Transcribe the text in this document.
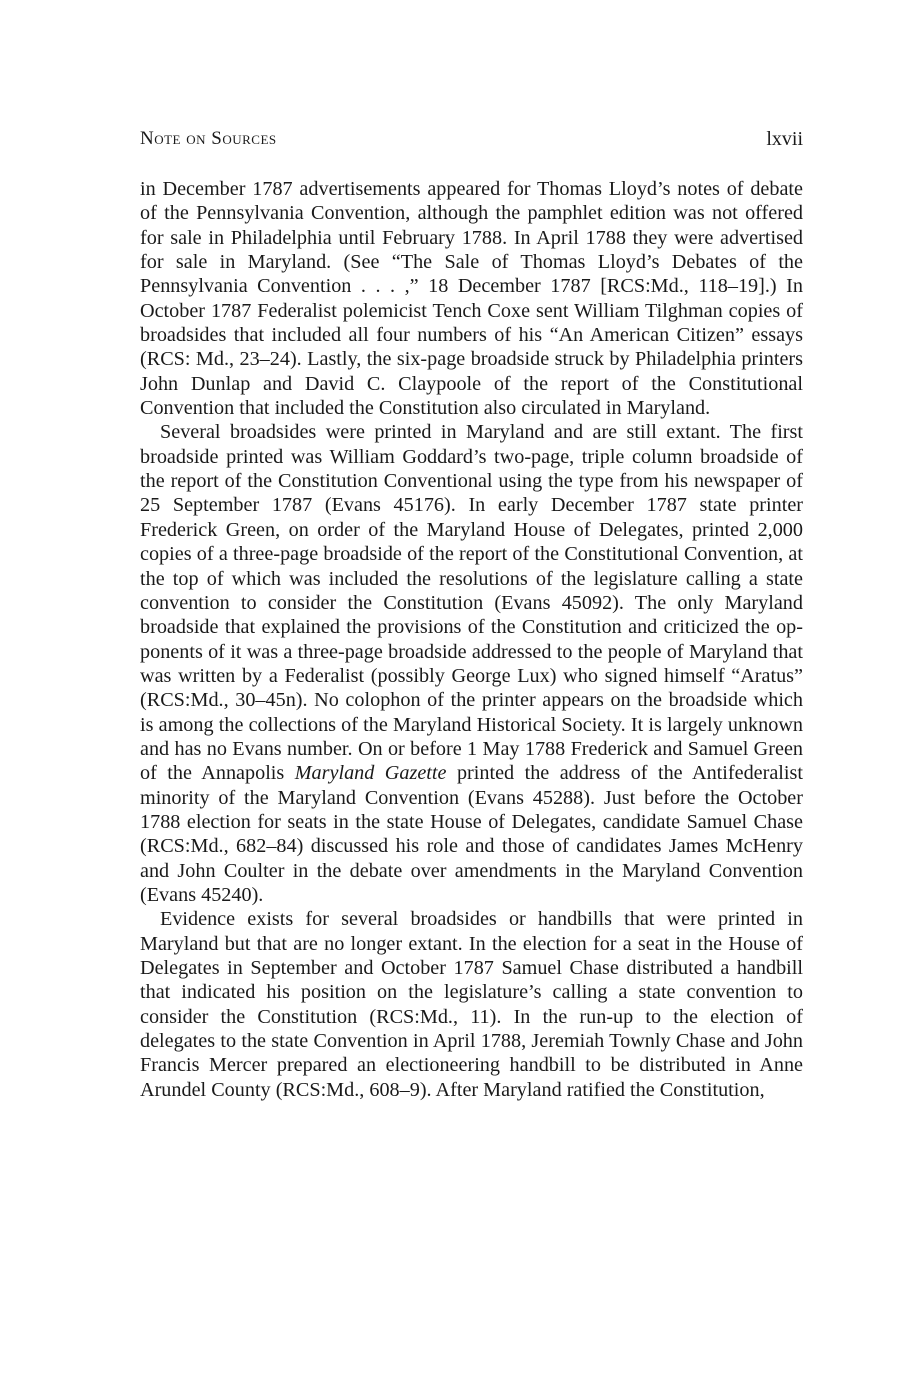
Note on Sources	lxvii

in December 1787 advertisements appeared for Thomas Lloyd’s notes of debate of the Pennsylvania Convention, although the pamphlet edition was not offered for sale in Philadelphia until February 1788. In April 1788 they were advertised for sale in Maryland. (See “The Sale of Thomas Lloyd’s Debates of the Pennsylvania Convention . . . ,” 18 December 1787 [RCS:Md., 118–19].) In October 1787 Federalist polemicist Tench Coxe sent William Tilghman copies of broadsides that included all four numbers of his “An American Citizen” essays (RCS: Md., 23–24). Lastly, the six-page broadside struck by Philadelphia printers John Dunlap and David C. Claypoole of the report of the Constitutional Convention that included the Constitution also circulated in Maryland.

Several broadsides were printed in Maryland and are still extant. The first broadside printed was William Goddard’s two-page, triple column broadside of the report of the Constitution Conventional using the type from his newspaper of 25 September 1787 (Evans 45176). In early December 1787 state printer Frederick Green, on order of the Maryland House of Delegates, printed 2,000 copies of a three-page broadside of the report of the Constitutional Convention, at the top of which was included the resolutions of the legislature calling a state convention to consider the Constitution (Evans 45092). The only Maryland broadside that explained the provisions of the Constitution and criticized the opponents of it was a three-page broadside addressed to the people of Maryland that was written by a Federalist (possibly George Lux) who signed himself “Aratus” (RCS:Md., 30–45n). No colophon of the printer appears on the broadside which is among the collections of the Maryland Historical Society. It is largely unknown and has no Evans number. On or before 1 May 1788 Frederick and Samuel Green of the Annapolis Maryland Gazette printed the address of the Antifederalist minority of the Maryland Convention (Evans 45288). Just before the October 1788 election for seats in the state House of Delegates, candidate Samuel Chase (RCS:Md., 682–84) discussed his role and those of candidates James McHenry and John Coulter in the debate over amendments in the Maryland Convention (Evans 45240).

Evidence exists for several broadsides or handbills that were printed in Maryland but that are no longer extant. In the election for a seat in the House of Delegates in September and October 1787 Samuel Chase distributed a handbill that indicated his position on the legislature’s calling a state convention to consider the Constitution (RCS:Md., 11). In the run-up to the election of delegates to the state Convention in April 1788, Jeremiah Townly Chase and John Francis Mercer prepared an electioneering handbill to be distributed in Anne Arundel County (RCS:Md., 608–9). After Maryland ratified the Constitution,
